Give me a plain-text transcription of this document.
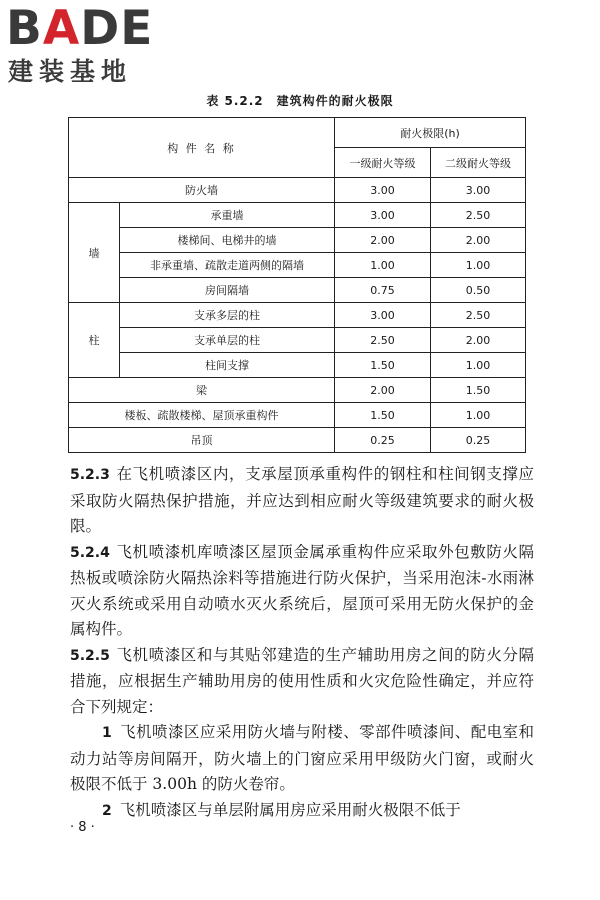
BADE
建装基地
表 5.2.2　建筑构件的耐火极限
构 件 名 称		耐火极限(h)	
		一级耐火等级	二级耐火等级
防火墙		3.00	3.00
墙	承重墙	3.00	2.50
	楼梯间、电梯井的墙	2.00	2.00
	非承重墙、疏散走道两侧的隔墙	1.00	1.00
	房间隔墙	0.75	0.50
柱	支承多层的柱	3.00	2.50
	支承单层的柱	2.50	2.00
	柱间支撑	1.50	1.00
梁		2.00	1.50
楼板、疏散楼梯、屋顶承重构件		1.50	1.00
吊顶		0.25	0.25

5.2.3 在飞机喷漆区内，支承屋顶承重构件的钢柱和柱间钢支撑应采取防火隔热保护措施，并应达到相应耐火等级建筑要求的耐火极限。

5.2.4 飞机喷漆机库喷漆区屋顶金属承重构件应采取外包敷防火隔热板或喷涂防火隔热涂料等措施进行防火保护，当采用泡沫-水雨淋灭火系统或采用自动喷水灭火系统后，屋顶可采用无防火保护的金属构件。

5.2.5 飞机喷漆区和与其贴邻建造的生产辅助用房之间的防火分隔措施，应根据生产辅助用房的使用性质和火灾危险性确定，并应符合下列规定：

1 飞机喷漆区应采用防火墙与附楼、零部件喷漆间、配电室和动力站等房间隔开，防火墙上的门窗应采用甲级防火门窗，或耐火极限不低于 3.00h 的防火卷帘。

2 飞机喷漆区与单层附属用房应采用耐火极限不低于

· 8 ·
